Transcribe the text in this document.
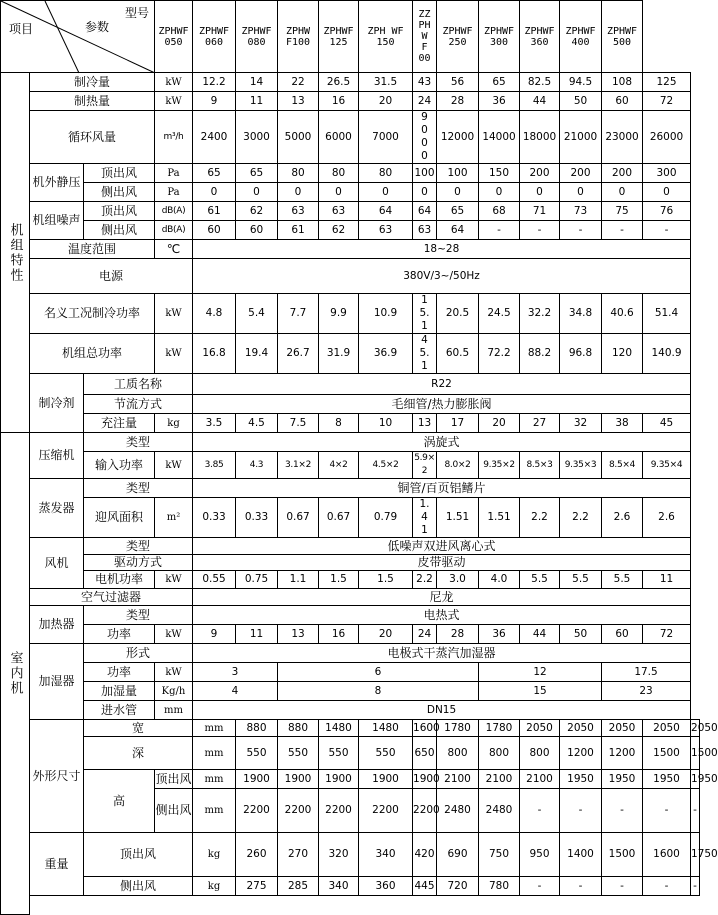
型号
参数
项目			ZPHWF 050	ZPHWF 060	ZPHWF 080	ZPHW F100	ZPHWF 125	ZPH WF 150	ZZPHW F 00	ZPHWF 250	ZPHWF 300	ZPHWF 360	ZPHWF 400	ZPHWF 500		
机组特性	制冷量		kW	12.2	14	22	26.5	31.5	43	56	65	82.5	94.5	108	125	
	制热量		kW	9	11	13	16	20	24	28	36	44	50	60	72	
	循环风量		m³/h	2400	3000	5000	6000	7000	9000	12000	14000	18000	21000	23000	26000	
	机外静压	顶出风	Pa	65	65	80	80	80	100	100	150	200	200	200	300	
		侧出风	Pa	0	0	0	0	0	0	0	0	0	0	0	0	
	机组噪声	顶出风	dB(A)	61	62	63	63	64	64	65	68	71	73	75	76	
		侧出风	dB(A)	60	60	61	62	63	63	64	-	-	-	-	-	
	温度范围		℃	18~28												
	电源			380V/3~/50Hz												
	名义工况制冷功率		kW	4.8	5.4	7.7	9.9	10.9	15.1	20.5	24.5	32.2	34.8	40.6	51.4	
	机组总功率		kW	16.8	19.4	26.7	31.9	36.9	45.1	60.5	72.2	88.2	96.8	120	140.9	
	制冷剂	工质名称		R22												
		节流方式		毛细管/热力膨胀阀												
		充注量	kg	3.5	4.5	7.5	8	10	13	17	20	27	32	38	45	
室内机	压缩机	类型		涡旋式												
		输入功率	kW	3.85	4.3	3.1×2	4×2	4.5×2	5.9×2	8.0×2	9.35×2	8.5×3	9.35×3	8.5×4	9.35×4	
	蒸发器	类型		铜管/百页铝鳍片												
		迎风面积	m²	0.33	0.33	0.67	0.67	0.79	1.41	1.51	1.51	2.2	2.2	2.6	2.6	
	风机	类型		低噪声双进风离心式												
		驱动方式		皮带驱动												
		电机功率	kW	0.55	0.75	1.1	1.5	1.5	2.2	3.0	4.0	5.5	5.5	5.5	11	
	空气过滤器			尼龙												
	加热器	类型		电热式												
		功率	kW	9	11	13	16	20	24	28	36	44	50	60	72	
	加湿器	形式		电极式干蒸汽加湿器												
		功率	kW	3		6					12			17.5		
		加湿量	Kg/h	4		8					15			23		
		进水管	mm	DN15												
	外形尺寸	宽		mm	880	880	1480	1480	1600	1780	1780	2050	2050	2050	2050	2050
		深		mm	550	550	550	550	650	800	800	800	1200	1200	1500	1500
		高	顶出风	mm	1900	1900	1900	1900	1900	2100	2100	2100	1950	1950	1950	1950
			侧出风	mm	2200	2200	2200	2200	2200	2480	2480	-	-	-	-	-
	重量	顶出风		kg	260	270	320	340	420	690	750	950	1400	1500	1600	1750
		侧出风		kg	275	285	340	360	445	720	780	-	-	-	-	-
